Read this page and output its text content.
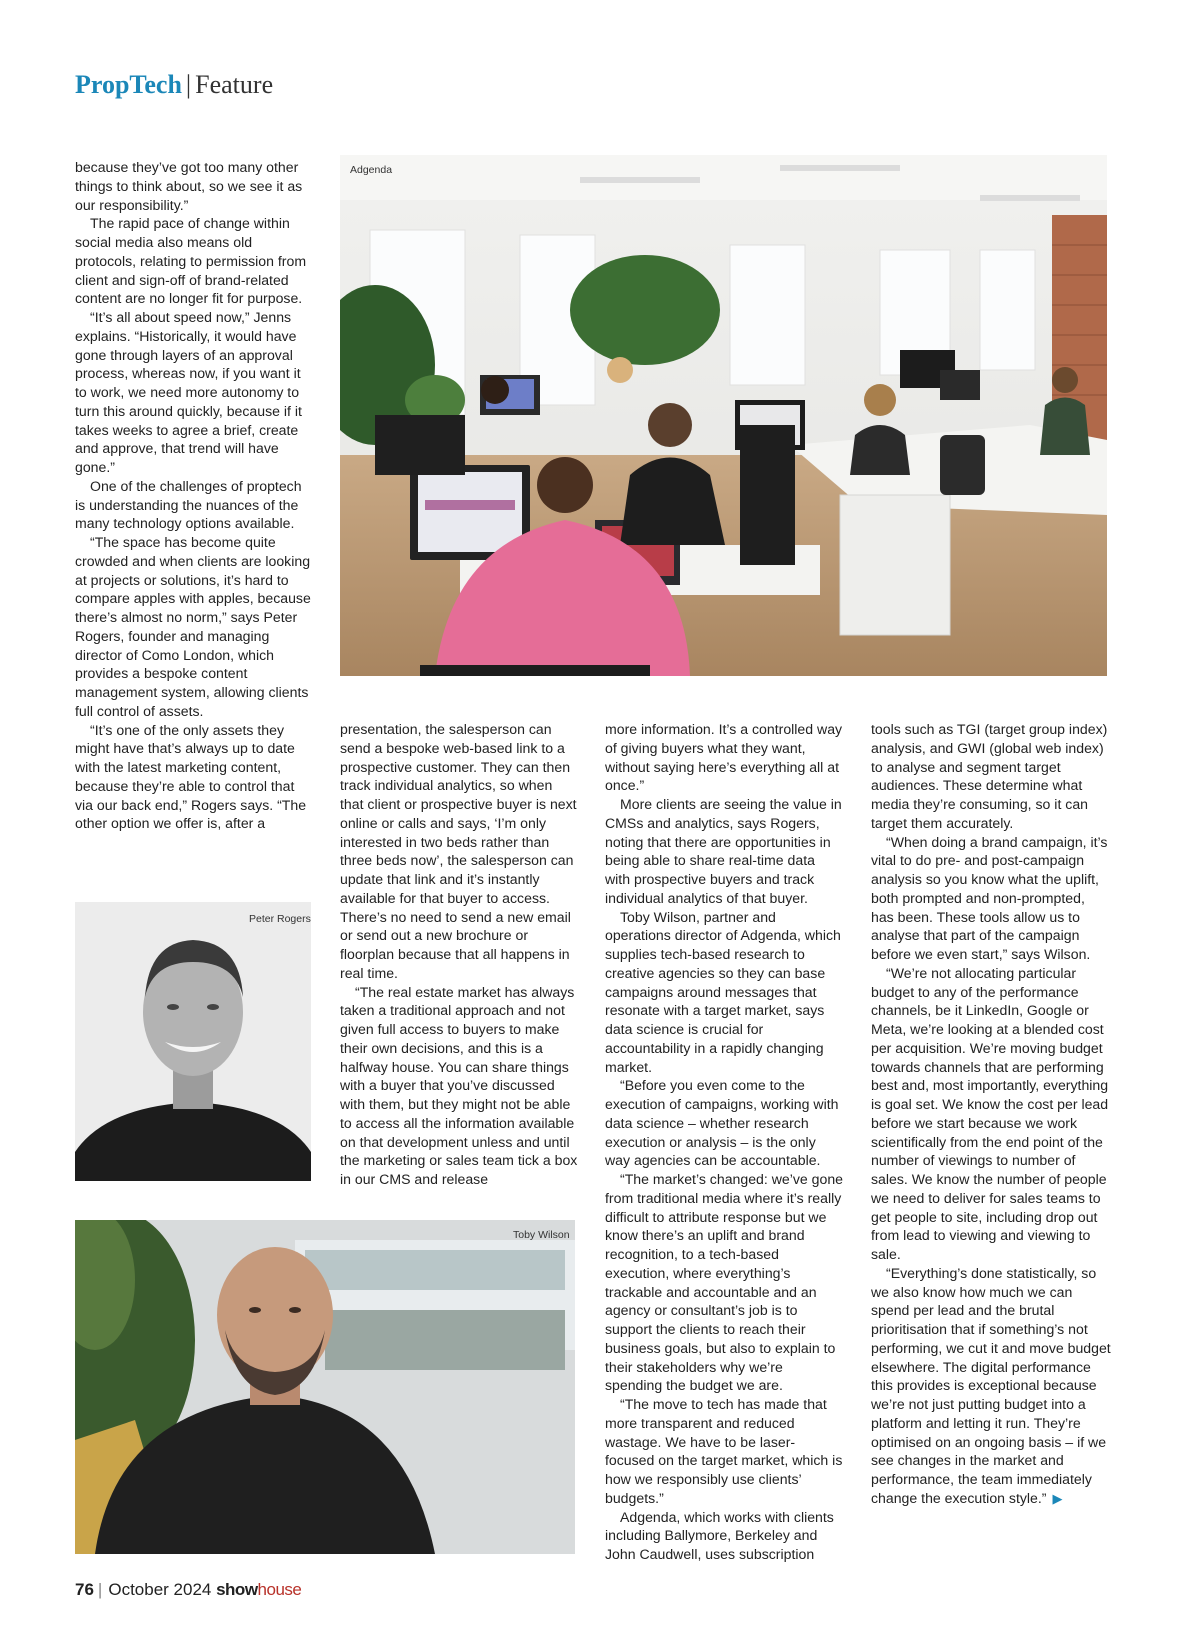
PropTech | Feature
Adgenda

because they’ve got too many other things to think about, so we see it as our responsibility.”

The rapid pace of change within social media also means old protocols, relating to permission from client and sign-off of brand-related content are no longer fit for purpose.

“It’s all about speed now,” Jenns explains. “Historically, it would have gone through layers of an approval process, whereas now, if you want it to work, we need more autonomy to turn this around quickly, because if it takes weeks to agree a brief, create and approve, that trend will have gone.”

One of the challenges of proptech is understanding the nuances of the many technology options available.

“The space has become quite crowded and when clients are looking at projects or solutions, it’s hard to compare apples with apples, because there’s almost no norm,” says Peter Rogers, founder and managing director of Como London, which provides a bespoke content management system, allowing clients full control of assets.

“It’s one of the only assets they might have that’s always up to date with the latest marketing content, because they’re able to control that via our back end,” Rogers says. “The other option we offer is, after a

Peter Rogers
Toby Wilson

presentation, the salesperson can send a bespoke web-based link to a prospective customer. They can then track individual analytics, so when that client or prospective buyer is next online or calls and says, ‘I’m only interested in two beds rather than three beds now’, the salesperson can update that link and it’s instantly available for that buyer to access. There’s no need to send a new email or send out a new brochure or floorplan because that all happens in real time.

“The real estate market has always taken a traditional approach and not given full access to buyers to make their own decisions, and this is a halfway house. You can share things with a buyer that you’ve discussed with them, but they might not be able to access all the information available on that development unless and until the marketing or sales team tick a box in our CMS and release

more information. It’s a controlled way of giving buyers what they want, without saying here’s everything all at once.”

More clients are seeing the value in CMSs and analytics, says Rogers, noting that there are opportunities in being able to share real-time data with prospective buyers and track individual analytics of that buyer.

Toby Wilson, partner and operations director of Adgenda, which supplies tech-based research to creative agencies so they can base campaigns around messages that resonate with a target market, says data science is crucial for accountability in a rapidly changing market.

“Before you even come to the execution of campaigns, working with data science – whether research execution or analysis – is the only way agencies can be accountable.

“The market’s changed: we’ve gone from traditional media where it’s really difficult to attribute response but we know there’s an uplift and brand recognition, to a tech-based execution, where everything’s trackable and accountable and an agency or consultant’s job is to support the clients to reach their business goals, but also to explain to their stakeholders why we’re spending the budget we are.

“The move to tech has made that more transparent and reduced wastage. We have to be laser-focused on the target market, which is how we responsibly use clients’ budgets.”

Adgenda, which works with clients including Ballymore, Berkeley and John Caudwell, uses subscription

tools such as TGI (target group index) analysis, and GWI (global web index) to analyse and segment target audiences. These determine what media they’re consuming, so it can target them accurately.

“When doing a brand campaign, it’s vital to do pre- and post-campaign analysis so you know what the uplift, both prompted and non-prompted, has been. These tools allow us to analyse that part of the campaign before we even start,” says Wilson.

“We’re not allocating particular budget to any of the performance channels, be it LinkedIn, Google or Meta, we’re looking at a blended cost per acquisition. We’re moving budget towards channels that are performing best and, most importantly, everything is goal set. We know the cost per lead before we start because we work scientifically from the end point of the number of viewings to number of sales. We know the number of people we need to deliver for sales teams to get people to site, including drop out from lead to viewing and viewing to sale.

“Everything’s done statistically, so we also know how much we can spend per lead and the brutal prioritisation that if something’s not performing, we cut it and move budget elsewhere. The digital performance this provides is exceptional because we’re not just putting budget into a platform and letting it run. They’re optimised on an ongoing basis – if we see changes in the market and performance, the team immediately change the execution style.” ▶

76 | October 2024 showhouse
